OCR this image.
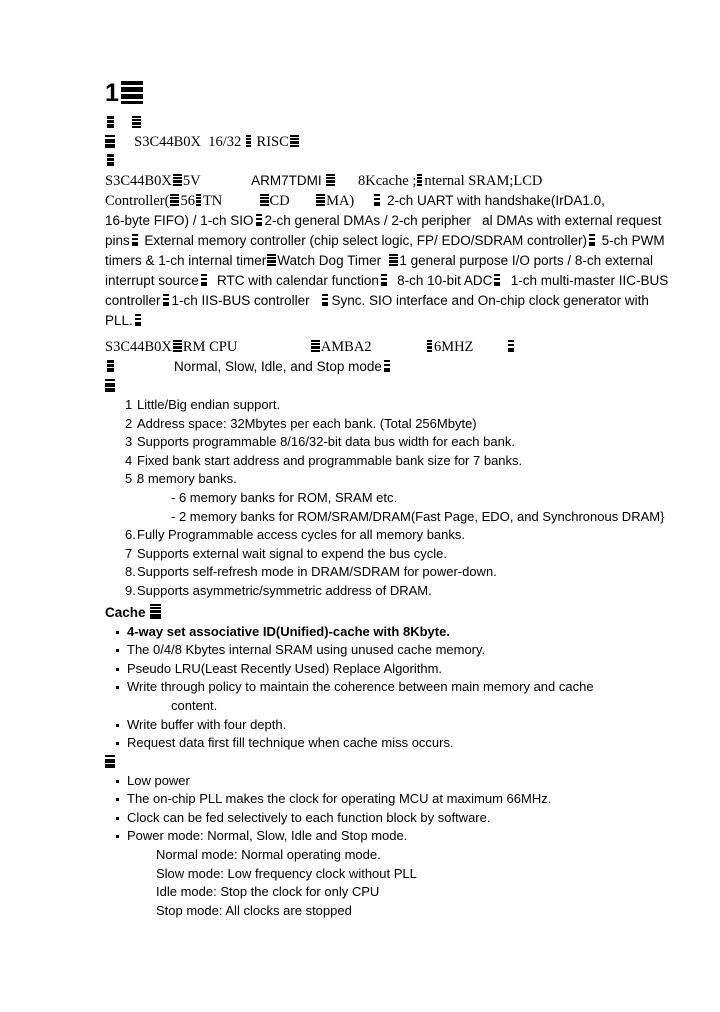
1

S3C44B0X  16/32 RISC
S3C44B0X 5V	ARM7TDMI	8Kcache ; nternal SRAM;LCD
Controller( 56 TN	CD	MA) 2-ch UART with handshake(IrDA1.0,
16-byte FIFO) / 1-ch SIO 2-ch general DMAs / 2-ch peripher   al DMAs with external request
pins External memory controller (chip select logic, FP/ EDO/SDRAM controller) 5-ch PWM
timers & 1-ch internal timer Watch Dog Timer 1 general purpose I/O ports / 8-ch external
interrupt source RTC with calendar function 8-ch 10-bit ADC 1-ch multi-master IIC-BUS
controller 1-ch IIS-BUS controller Sync. SIO interface and On-chip clock generator with
PLL.
S3C44B0X RM CPU	AMBA2	6MHZ
Normal, Slow, Idle, and Stop mode
1 Little/Big endian support.
2 Address space: 32Mbytes per each bank. (Total 256Mbyte)
3 Supports programmable 8/16/32-bit data bus width for each bank.
4 Fixed bank start address and programmable bank size for 7 banks.
5 .8 memory banks.
- 6 memory banks for ROM, SRAM etc.
- 2 memory banks for ROM/SRAM/DRAM(Fast Page, EDO, and Synchronous DRAM}
6.Fully Programmable access cycles for all memory banks.
7 Supports external wait signal to expend the bus cycle.
8.Supports self-refresh mode in DRAM/SDRAM for power-down.
9.Supports asymmetric/symmetric address of DRAM.
Cache
4-way set associative ID(Unified)-cache with 8Kbyte.
The 0/4/8 Kbytes internal SRAM using unused cache memory.
Pseudo LRU(Least Recently Used) Replace Algorithm.
Write through policy to maintain the coherence between main memory and cache
content.
Write buffer with four depth.
Request data first fill technique when cache miss occurs.
Low power
The on-chip PLL makes the clock for operating MCU at maximum 66MHz.
Clock can be fed selectively to each function block by software.
Power mode: Normal, Slow, Idle and Stop mode.
Normal mode: Normal operating mode.
Slow mode: Low frequency clock without PLL
Idle mode: Stop the clock for only CPU
Stop mode: All clocks are stopped
